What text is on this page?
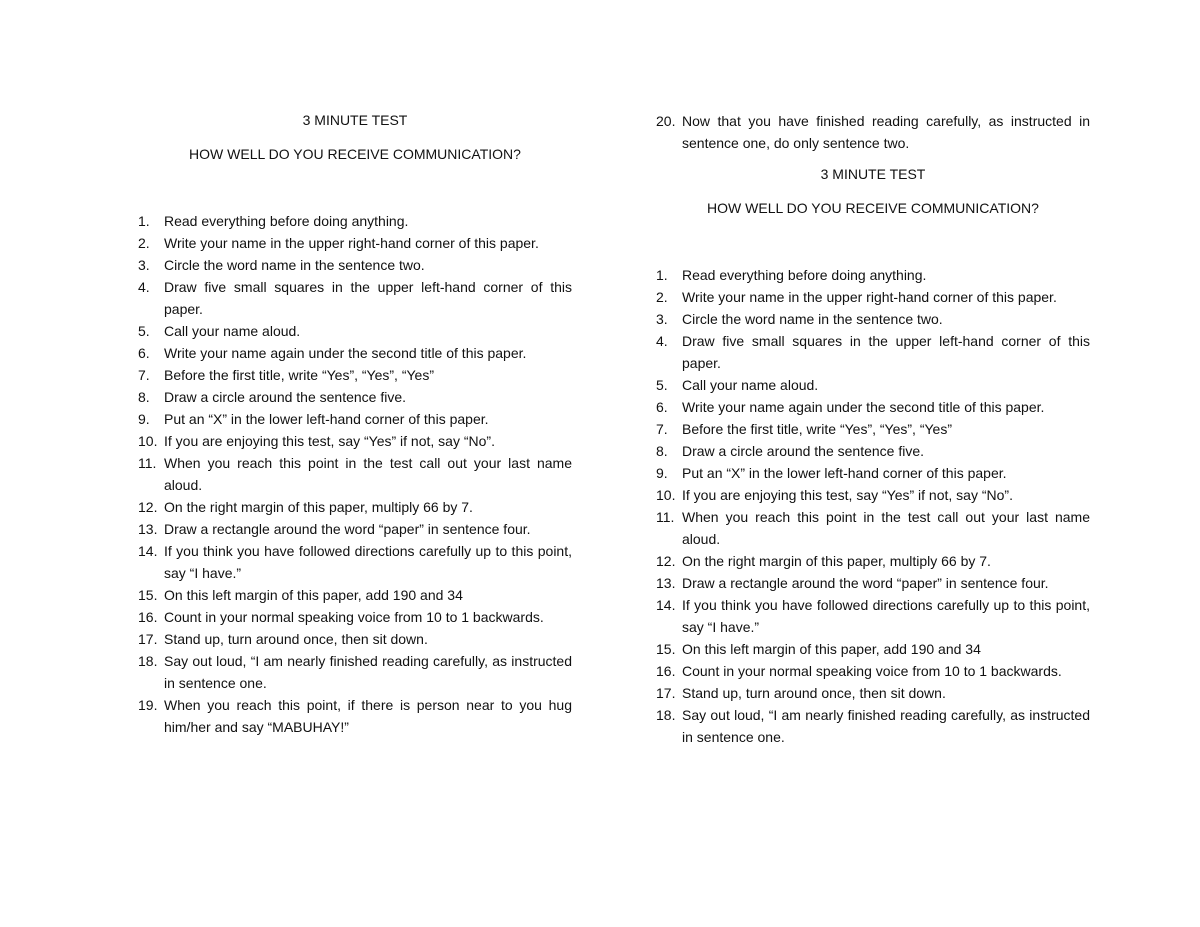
3 MINUTE TEST
HOW WELL DO YOU RECEIVE COMMUNICATION?
1.	Read everything before doing anything.
2.	Write your name in the upper right-hand corner of this paper.
3.	Circle the word name in the sentence two.
4.	Draw five small squares in the upper left-hand corner of this paper.
5.	Call your name aloud.
6.	Write your name again under the second title of this paper.
7.	Before the first title, write “Yes”, “Yes”, “Yes”
8.	Draw a circle around the sentence five.
9.	Put an “X” in the lower left-hand corner of this paper.
10. If you are enjoying this test, say “Yes” if not, say “No”.
11. When you reach this point in the test call out your last name aloud.
12. On the right margin of this paper, multiply 66 by 7.
13. Draw a rectangle around the word “paper” in sentence four.
14. If you think you have followed directions carefully up to this point, say “I have.”
15. On this left margin of this paper, add 190 and 34
16. Count in your normal speaking voice from 10 to 1 backwards.
17. Stand up, turn around once, then sit down.
18. Say out loud, “I am nearly finished reading carefully, as instructed in sentence one.
19. When you reach this point, if there is person near to you hug him/her and say “MABUHAY!”
20. Now that you have finished reading carefully, as instructed in sentence one, do only sentence two.
3 MINUTE TEST
HOW WELL DO YOU RECEIVE COMMUNICATION?
1.	Read everything before doing anything.
2.	Write your name in the upper right-hand corner of this paper.
3.	Circle the word name in the sentence two.
4.	Draw five small squares in the upper left-hand corner of this paper.
5.	Call your name aloud.
6.	Write your name again under the second title of this paper.
7.	Before the first title, write “Yes”, “Yes”, “Yes”
8.	Draw a circle around the sentence five.
9.	Put an “X” in the lower left-hand corner of this paper.
10. If you are enjoying this test, say “Yes” if not, say “No”.
11. When you reach this point in the test call out your last name aloud.
12. On the right margin of this paper, multiply 66 by 7.
13. Draw a rectangle around the word “paper” in sentence four.
14. If you think you have followed directions carefully up to this point, say “I have.”
15. On this left margin of this paper, add 190 and 34
16. Count in your normal speaking voice from 10 to 1 backwards.
17. Stand up, turn around once, then sit down.
18. Say out loud, “I am nearly finished reading carefully, as instructed in sentence one.
